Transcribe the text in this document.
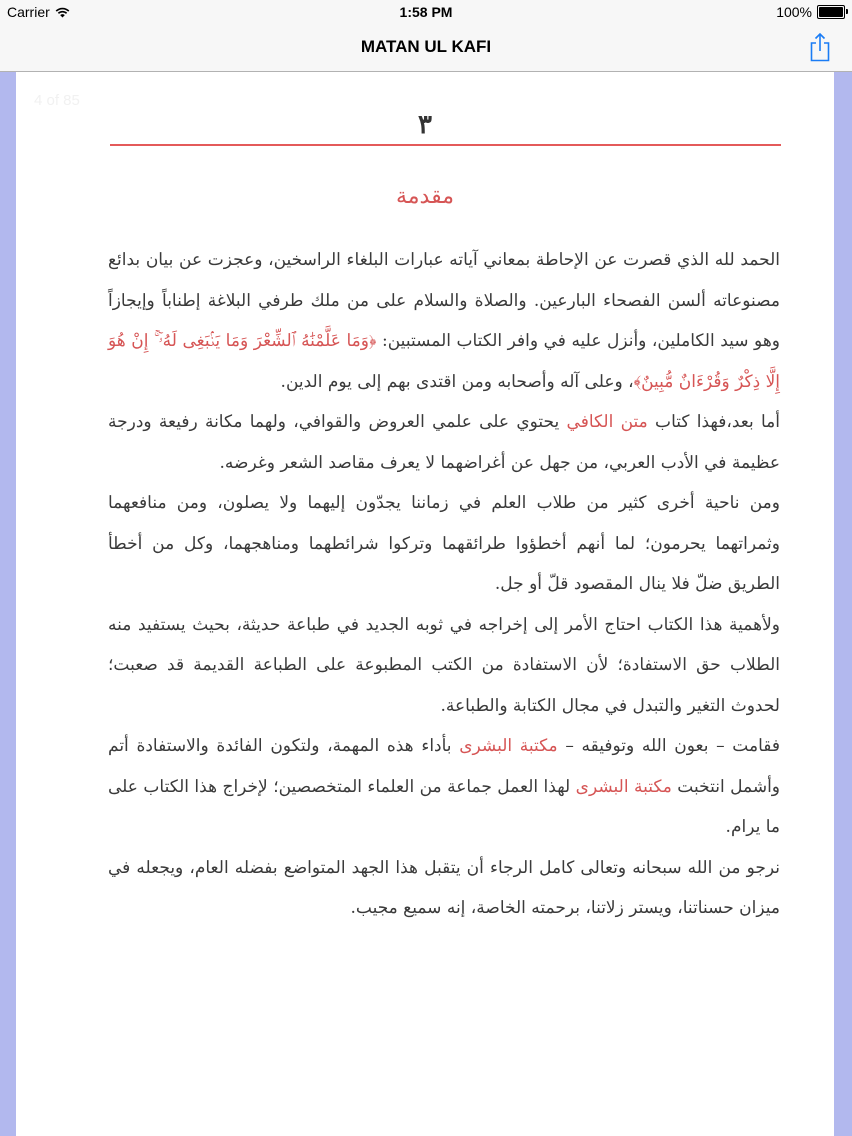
Carrier	1:58 PM	100%
MATAN UL KAFI
4 of 85
٣
مقدمة

الحمد لله الذي قصرت عن الإحاطة بمعاني آياته عبارات البلغاء الراسخين، وعجزت عن بيان بدائع مصنوعاته ألسن الفصحاء البارعين. والصلاة والسلام على من ملك طرفي البلاغة إطناباً وإيجازاً وهو سيد الكاملين، وأنزل عليه في وافر الكتاب المستبين: ﴿وَمَا عَلَّمْنَٰهُ ٱلشِّعْرَ وَمَا يَنۢبَغِى لَهُۥٓ ۚ إِنْ هُوَ إِلَّا ذِكْرٌ وَقُرْءَانٌ مُّبِينٌ﴾، وعلى آله وأصحابه ومن اقتدى بهم إلى يوم الدين.

أما بعد،فهذا كتاب متن الكافي يحتوي على علمي العروض والقوافي، ولهما مكانة رفيعة ودرجة عظيمة في الأدب العربي، من جهل عن أغراضهما لا يعرف مقاصد الشعر وغرضه.

ومن ناحية أخرى كثير من طلاب العلم في زماننا يجدّون إليهما ولا يصلون، ومن منافعهما وثمراتهما يحرمون؛ لما أنهم أخطؤوا طرائقهما وتركوا شرائطهما ومناهجهما، وكل من أخطأ الطريق ضلّ فلا ينال المقصود قلّ أو جل.

ولأهمية هذا الكتاب احتاج الأمر إلى إخراجه في ثوبه الجديد في طباعة حديثة، بحيث يستفيد منه الطلاب حق الاستفادة؛ لأن الاستفادة من الكتب المطبوعة على الطباعة القديمة قد صعبت؛ لحدوث التغير والتبدل في مجال الكتابة والطباعة.

فقامت – بعون الله وتوفيقه – مكتبة البشرى بأداء هذه المهمة، ولتكون الفائدة والاستفادة أتم وأشمل انتخبت مكتبة البشرى لهذا العمل جماعة من العلماء المتخصصين؛ لإخراج هذا الكتاب على ما يرام.

نرجو من الله سبحانه وتعالى كامل الرجاء أن يتقبل هذا الجهد المتواضع بفضله العام، ويجعله في ميزان حسناتنا، ويستر زلاتنا، برحمته الخاصة، إنه سميع مجيب.
